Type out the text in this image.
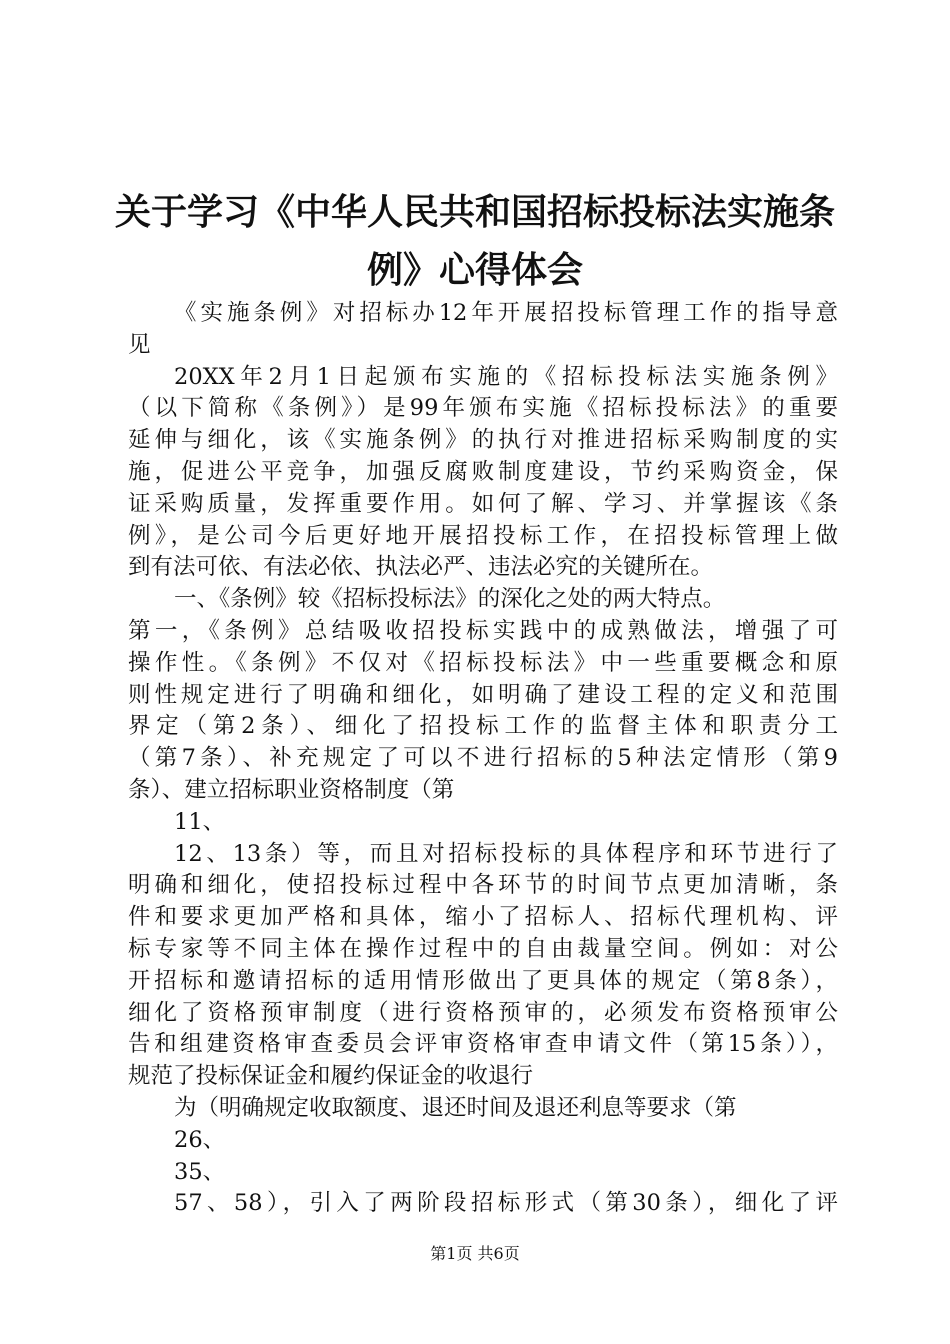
关于学习《中华人民共和国招标投标法实施条
例》心得体会
《实施条例》对招标办12年开展招投标管理工作的指导意
见
20XX年2月1日起颁布实施的《招标投标法实施条例》
（以下简称《条例》）是99年颁布实施《招标投标法》的重要
延伸与细化，该《实施条例》的执行对推进招标采购制度的实
施，促进公平竞争，加强反腐败制度建设，节约采购资金，保
证采购质量，发挥重要作用。如何了解、学习、并掌握该《条
例》，是公司今后更好地开展招投标工作，在招投标管理上做
到有法可依、有法必依、执法必严、违法必究的关键所在。
一、《条例》较《招标投标法》的深化之处的两大特点。
第一，《条例》总结吸收招投标实践中的成熟做法，增强了可
操作性。《条例》不仅对《招标投标法》中一些重要概念和原
则性规定进行了明确和细化，如明确了建设工程的定义和范围
界定（第2条）、细化了招投标工作的监督主体和职责分工
（第7条）、补充规定了可以不进行招标的5种法定情形（第9
条）、建立招标职业资格制度（第
11、
12、13条）等，而且对招标投标的具体程序和环节进行了
明确和细化，使招投标过程中各环节的时间节点更加清晰，条
件和要求更加严格和具体，缩小了招标人、招标代理机构、评
标专家等不同主体在操作过程中的自由裁量空间。例如：对公
开招标和邀请招标的适用情形做出了更具体的规定（第8条），
细化了资格预审制度（进行资格预审的，必须发布资格预审公
告和组建资格审查委员会评审资格审查申请文件（第15条）），
规范了投标保证金和履约保证金的收退行
为（明确规定收取额度、退还时间及退还利息等要求（第
26、
35、
57、58），引入了两阶段招标形式（第30条），细化了评
第1页 共6页
